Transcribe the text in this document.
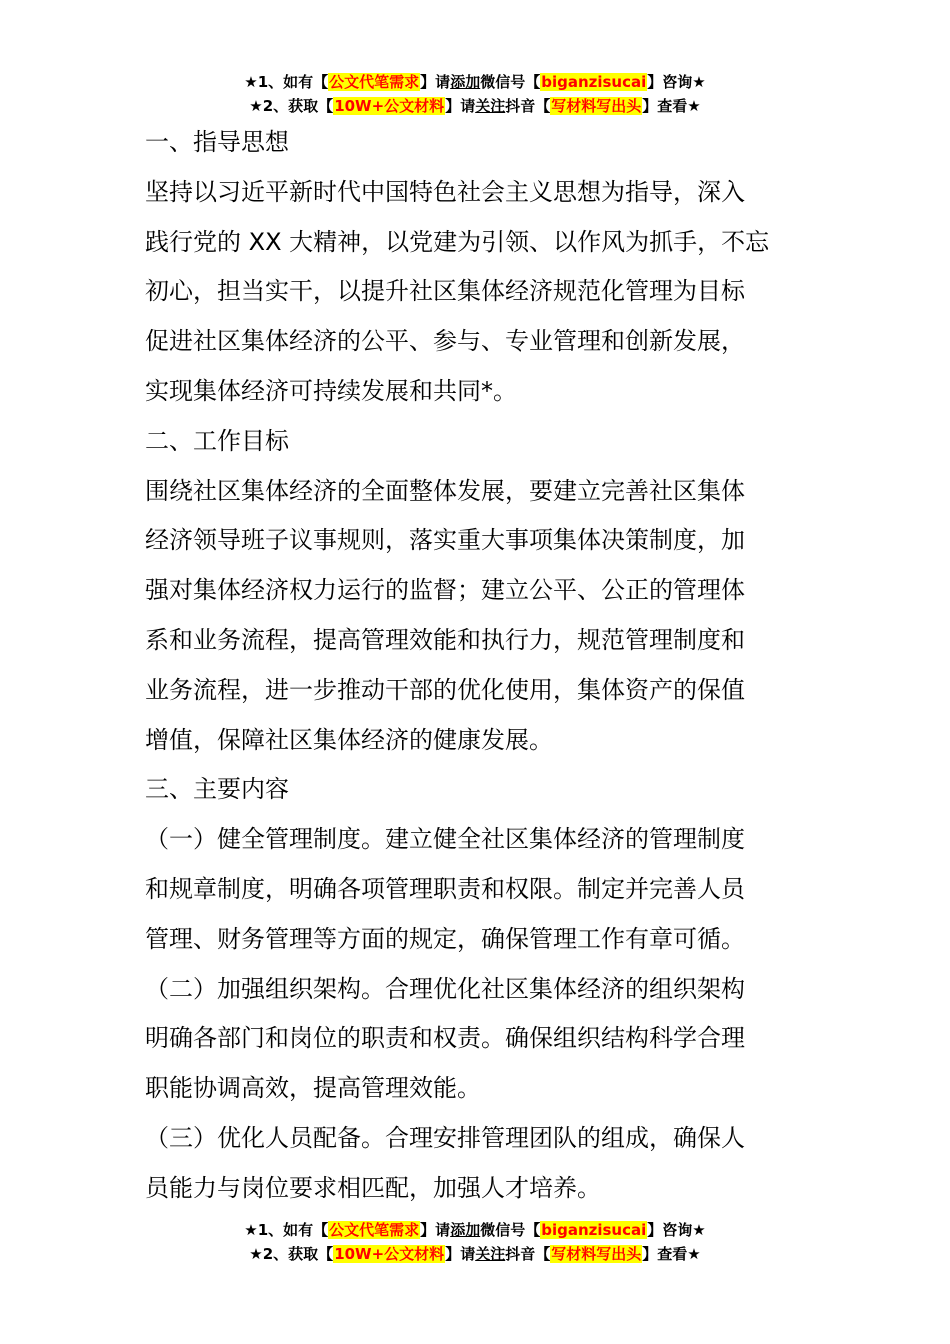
★1、如有【公文代笔需求】请添加微信号【biganzisucai】咨询★
★2、获取【10W+公文材料】请关注抖音【写材料写出头】查看★

一、指导思想

坚持以习近平新时代中国特色社会主义思想为指导，深入

践行党的 XX 大精神，以党建为引领、以作风为抓手，不忘

初心，担当实干，以提升社区集体经济规范化管理为目标

促进社区集体经济的公平、参与、专业管理和创新发展，

实现集体经济可持续发展和共同*。

二、工作目标

围绕社区集体经济的全面整体发展，要建立完善社区集体

经济领导班子议事规则，落实重大事项集体决策制度，加

强对集体经济权力运行的监督；建立公平、公正的管理体

系和业务流程，提高管理效能和执行力，规范管理制度和

业务流程，进一步推动干部的优化使用，集体资产的保值

增值，保障社区集体经济的健康发展。

三、主要内容

（一）健全管理制度。建立健全社区集体经济的管理制度

和规章制度，明确各项管理职责和权限。制定并完善人员

管理、财务管理等方面的规定，确保管理工作有章可循。

（二）加强组织架构。合理优化社区集体经济的组织架构

明确各部门和岗位的职责和权责。确保组织结构科学合理

职能协调高效，提高管理效能。

（三）优化人员配备。合理安排管理团队的组成，确保人

员能力与岗位要求相匹配，加强人才培养。

★1、如有【公文代笔需求】请添加微信号【biganzisucai】咨询★
★2、获取【10W+公文材料】请关注抖音【写材料写出头】查看★
